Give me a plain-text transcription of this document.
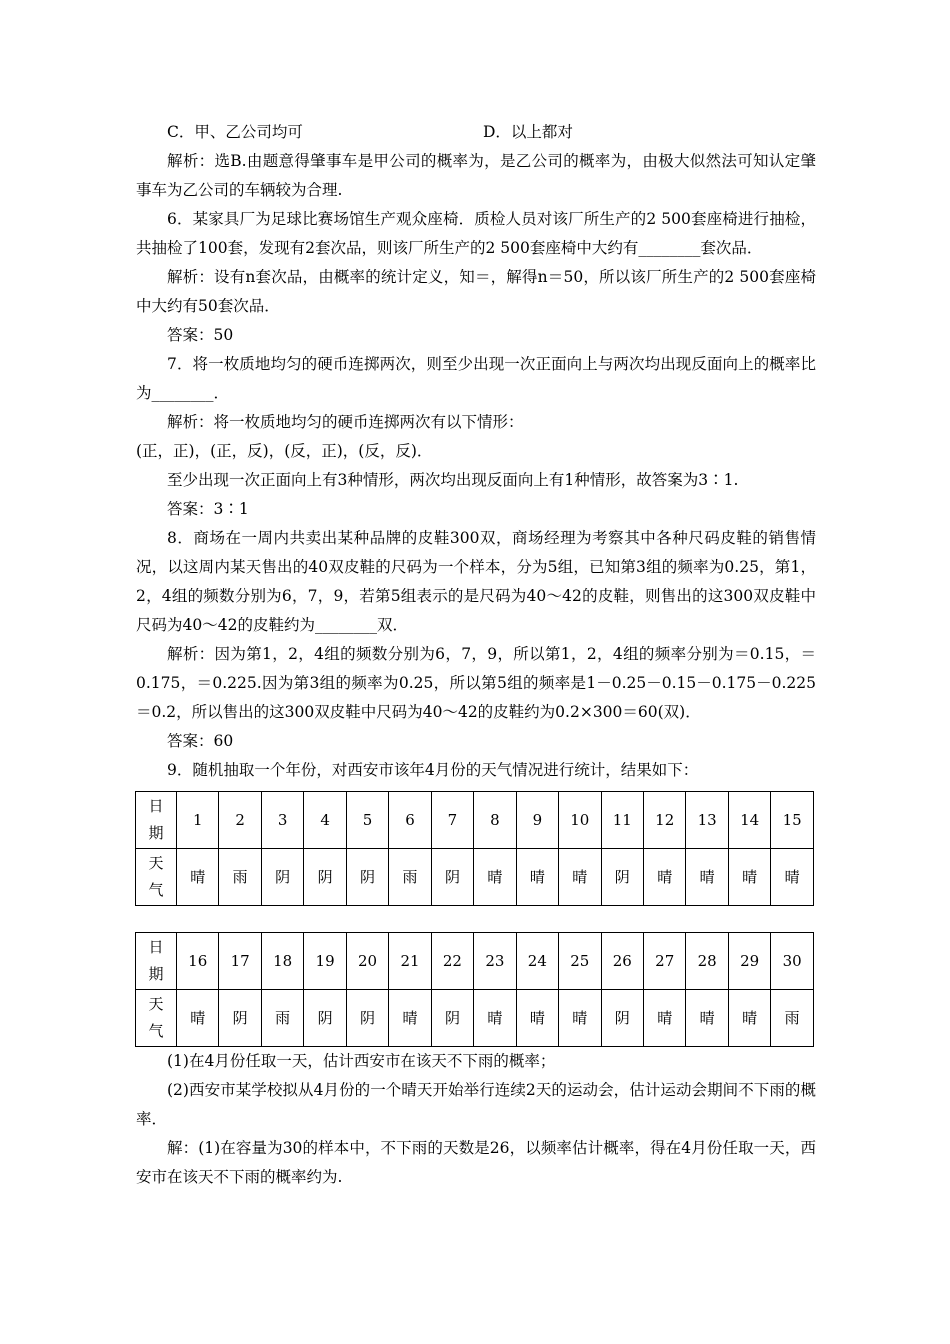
C．甲、乙公司均可	D．以上都对

解析：选B.由题意得肇事车是甲公司的概率为，是乙公司的概率为，由极大似然法可知认定肇事车为乙公司的车辆较为合理.

6．某家具厂为足球比赛场馆生产观众座椅．质检人员对该厂所生产的2 500套座椅进行抽检，共抽检了100套，发现有2套次品，则该厂所生产的2 500套座椅中大约有________套次品．

解析：设有n套次品，由概率的统计定义，知＝，解得n＝50，所以该厂所生产的2 500套座椅中大约有50套次品．

答案：50

7．将一枚质地均匀的硬币连掷两次，则至少出现一次正面向上与两次均出现反面向上的概率比为________．

解析：将一枚质地均匀的硬币连掷两次有以下情形：

(正，正)，(正，反)，(反，正)，(反，反)．

至少出现一次正面向上有3种情形，两次均出现反面向上有1种情形，故答案为3∶1.

答案：3∶1

8．商场在一周内共卖出某种品牌的皮鞋300双，商场经理为考察其中各种尺码皮鞋的销售情况，以这周内某天售出的40双皮鞋的尺码为一个样本，分为5组，已知第3组的频率为0.25，第1，2，4组的频数分别为6，7，9，若第5组表示的是尺码为40～42的皮鞋，则售出的这300双皮鞋中尺码为40～42的皮鞋约为________双．

解析：因为第1，2，4组的频数分别为6，7，9，所以第1，2，4组的频率分别为＝0.15，＝0.175，＝0.225.因为第3组的频率为0.25，所以第5组的频率是1－0.25－0.15－0.175－0.225＝0.2，所以售出的这300双皮鞋中尺码为40～42的皮鞋约为0.2×300＝60(双)．

答案：60

9．随机抽取一个年份，对西安市该年4月份的天气情况进行统计，结果如下：

日
期	1	2	3	4	5	6	7	8	9	10	11	12	13	14	15

天
气	晴	雨	阴	阴	阴	雨	阴	晴	晴	晴	阴	晴	晴	晴	晴
日
期	16	17	18	19	20	21	22	23	24	25	26	27	28	29	30

天
气	晴	阴	雨	阴	阴	晴	阴	晴	晴	晴	阴	晴	晴	晴	雨

(1)在4月份任取一天，估计西安市在该天不下雨的概率；

(2)西安市某学校拟从4月份的一个晴天开始举行连续2天的运动会，估计运动会期间不下雨的概率．

解：(1)在容量为30的样本中，不下雨的天数是26，以频率估计概率，得在4月份任取一天，西安市在该天不下雨的概率约为.
